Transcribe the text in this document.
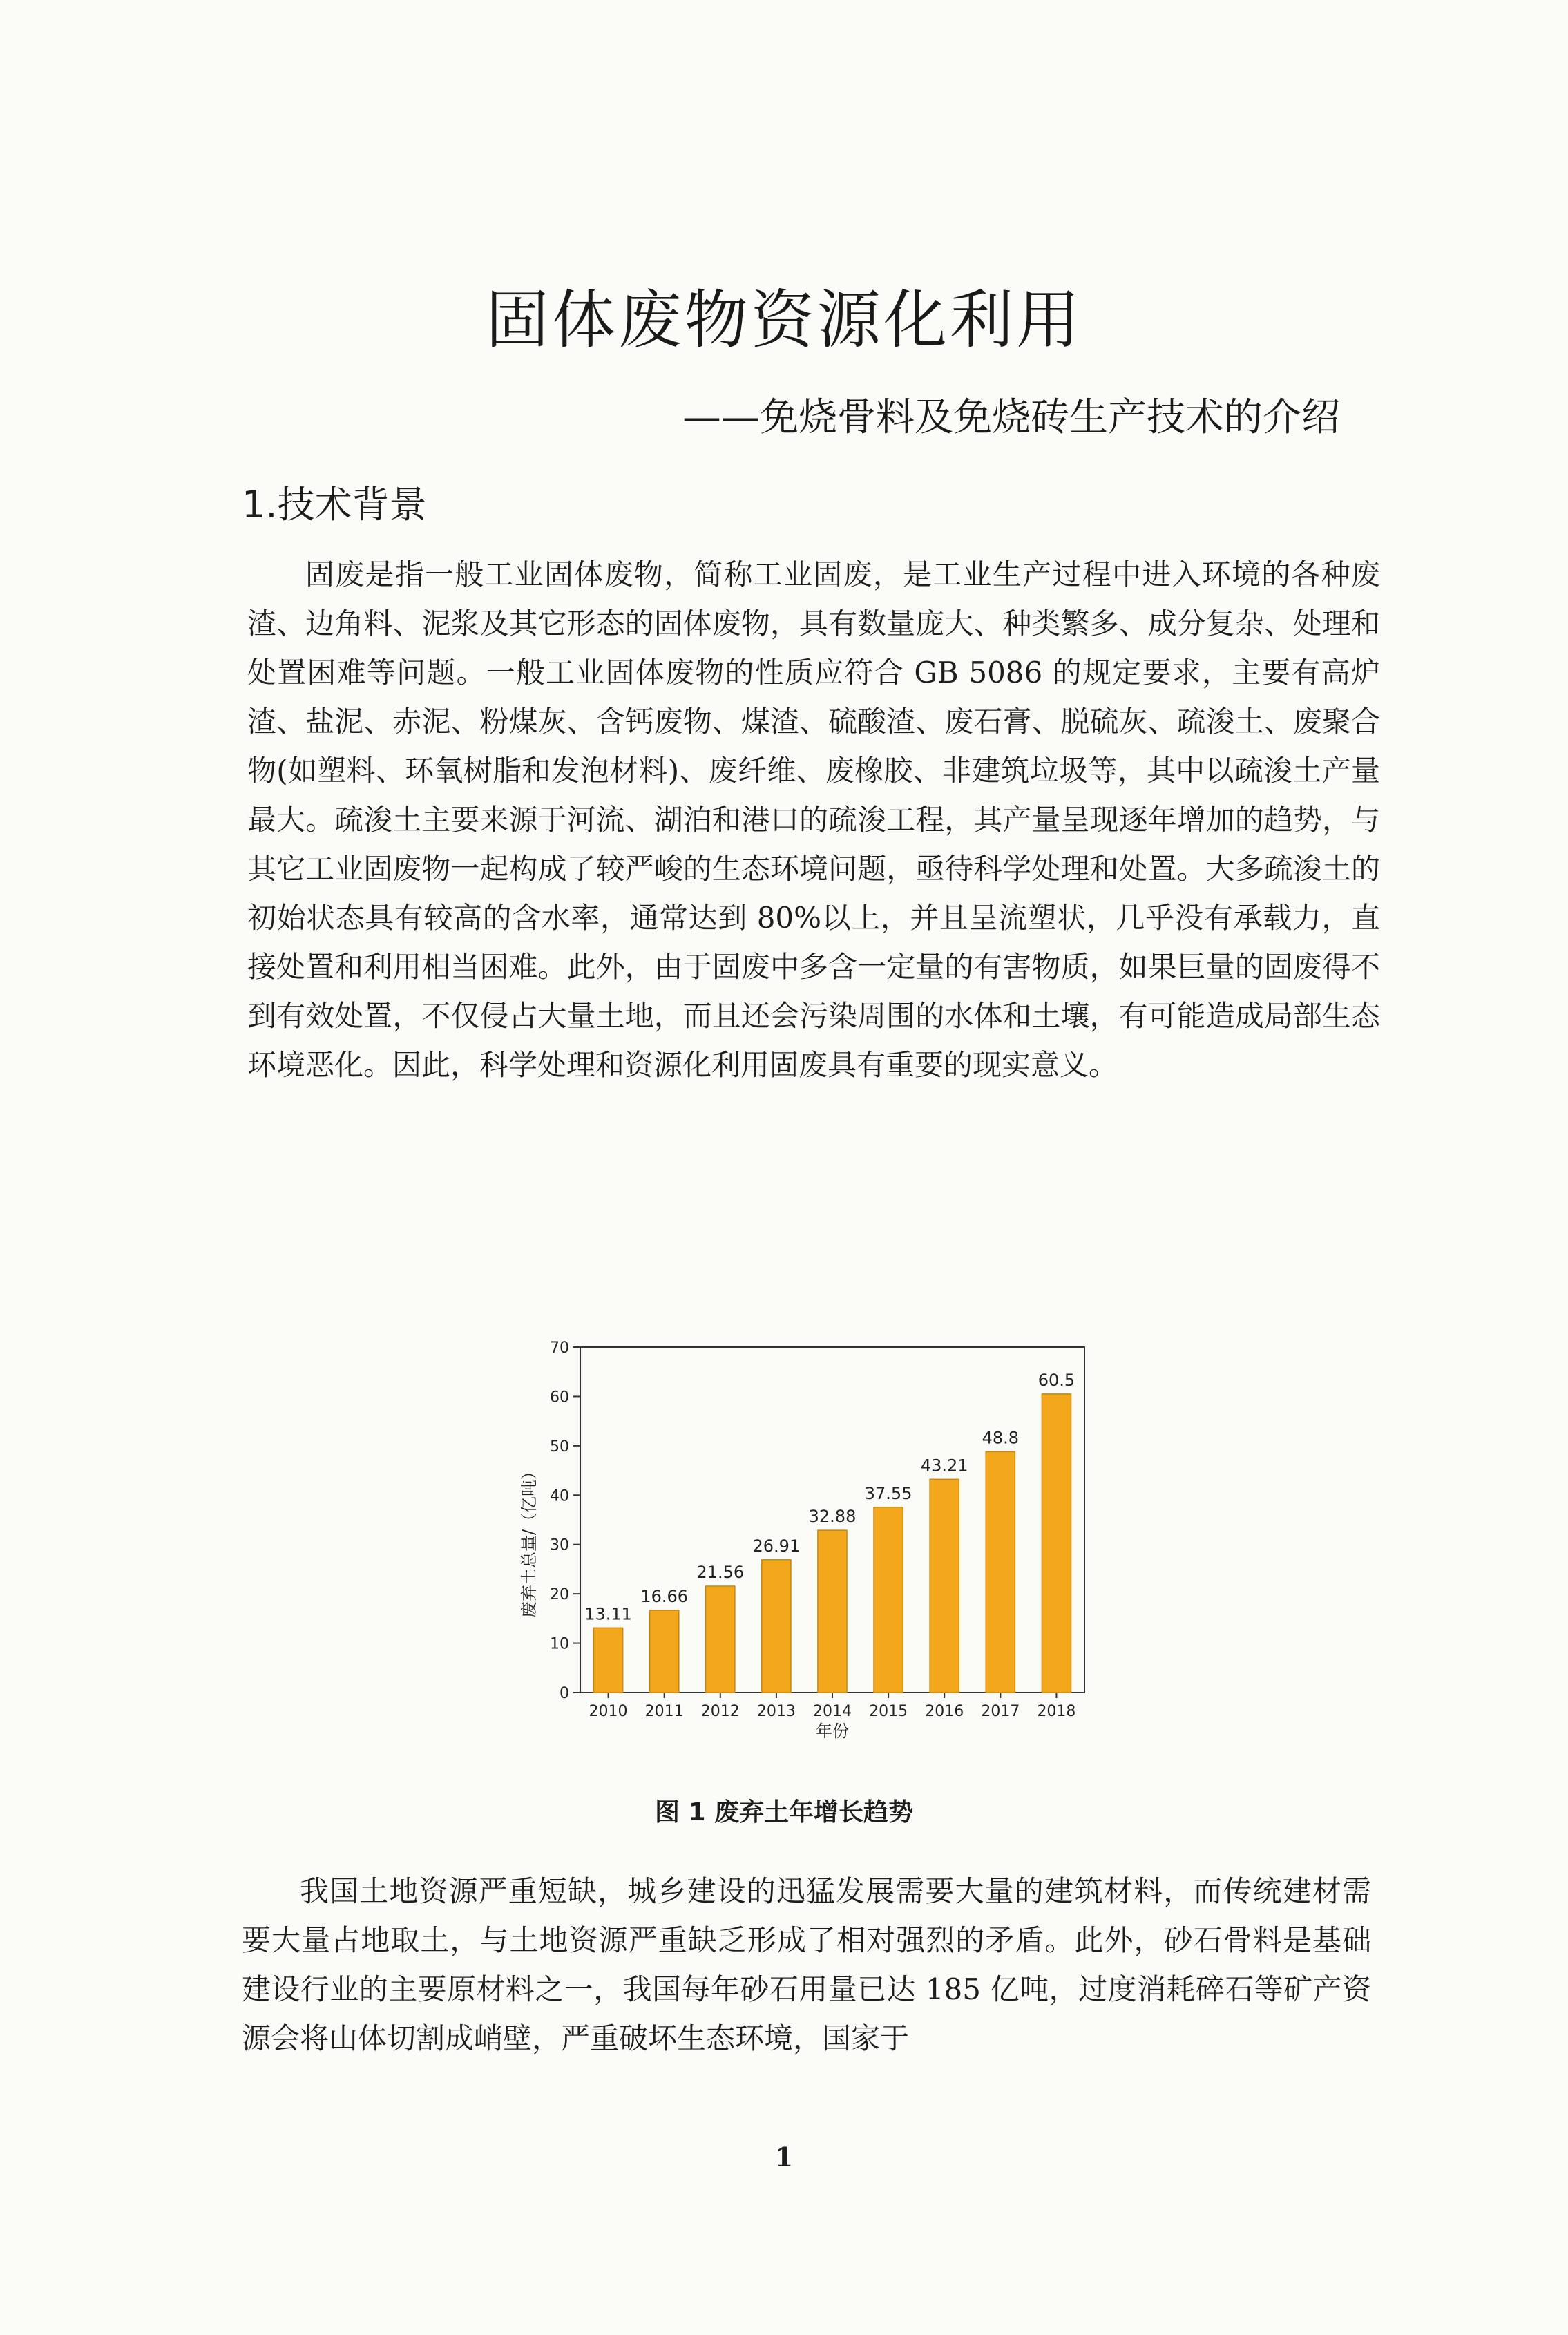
固体废物资源化利用
——免烧骨料及免烧砖生产技术的介绍
1.技术背景

固废是指一般工业固体废物，简称工业固废，是工业生产过程中进入环境的各种废渣、边角料、泥浆及其它形态的固体废物，具有数量庞大、种类繁多、成分复杂、处理和处置困难等问题。一般工业固体废物的性质应符合 GB 5086 的规定要求，主要有高炉渣、盐泥、赤泥、粉煤灰、含钙废物、煤渣、硫酸渣、废石膏、脱硫灰、疏浚土、废聚合物(如塑料、环氧树脂和发泡材料)、废纤维、废橡胶、非建筑垃圾等，其中以疏浚土产量最大。疏浚土主要来源于河流、湖泊和港口的疏浚工程，其产量呈现逐年增加的趋势，与其它工业固废物一起构成了较严峻的生态环境问题，亟待科学处理和处置。大多疏浚土的初始状态具有较高的含水率，通常达到 80%以上，并且呈流塑状，几乎没有承载力，直接处置和利用相当困难。此外，由于固废中多含一定量的有害物质，如果巨量的固废得不到有效处置，不仅侵占大量土地，而且还会污染周围的水体和土壤，有可能造成局部生态环境恶化。因此，科学处理和资源化利用固废具有重要的现实意义。

0
10
20
30
40
50
60
70
13.11
2010
16.66
2011
21.56
2012
26.91
2013
32.88
2014
37.55
2015
43.21
2016
48.8
2017
60.5
2018
年份
废弃土总量/（亿吨）
图 1 废弃土年增长趋势

我国土地资源严重短缺，城乡建设的迅猛发展需要大量的建筑材料，而传统建材需要大量占地取土，与土地资源严重缺乏形成了相对强烈的矛盾。此外，砂石骨料是基础建设行业的主要原材料之一，我国每年砂石用量已达 185 亿吨，过度消耗碎石等矿产资源会将山体切割成峭壁，严重破坏生态环境，国家于

1
